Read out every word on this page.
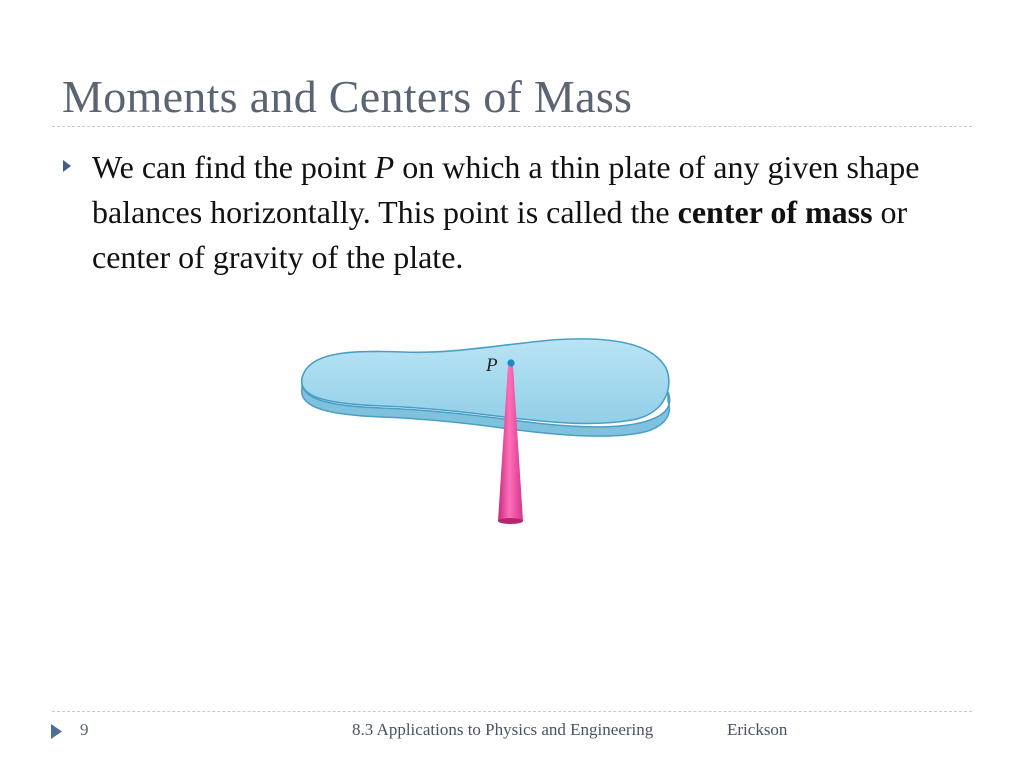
Moments and Centers of Mass

We can find the point P on which a thin plate of any given shape balances horizontally. This point is called the center of mass or center of gravity of the plate.

P
9	8.3 Applications to Physics and Engineering	Erickson
